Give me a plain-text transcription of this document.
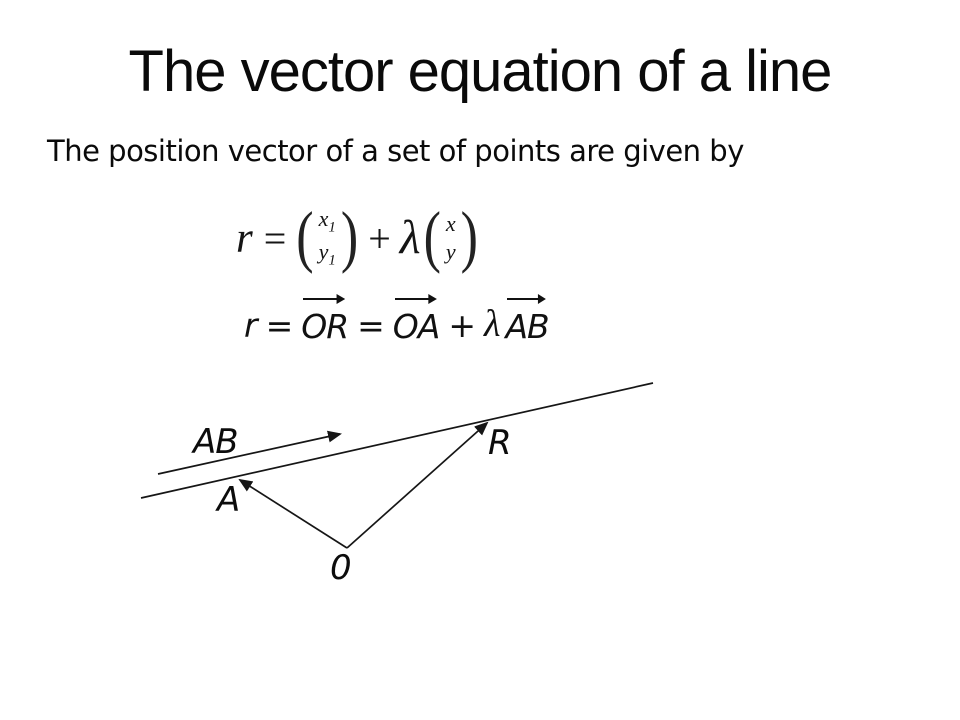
The vector equation of a line
The position vector of a set of points are given by
r = ( $x_1$
$y_1$ ) + λ ( x
y )
r = OR = OA + λ AB
AB	R
A
0
